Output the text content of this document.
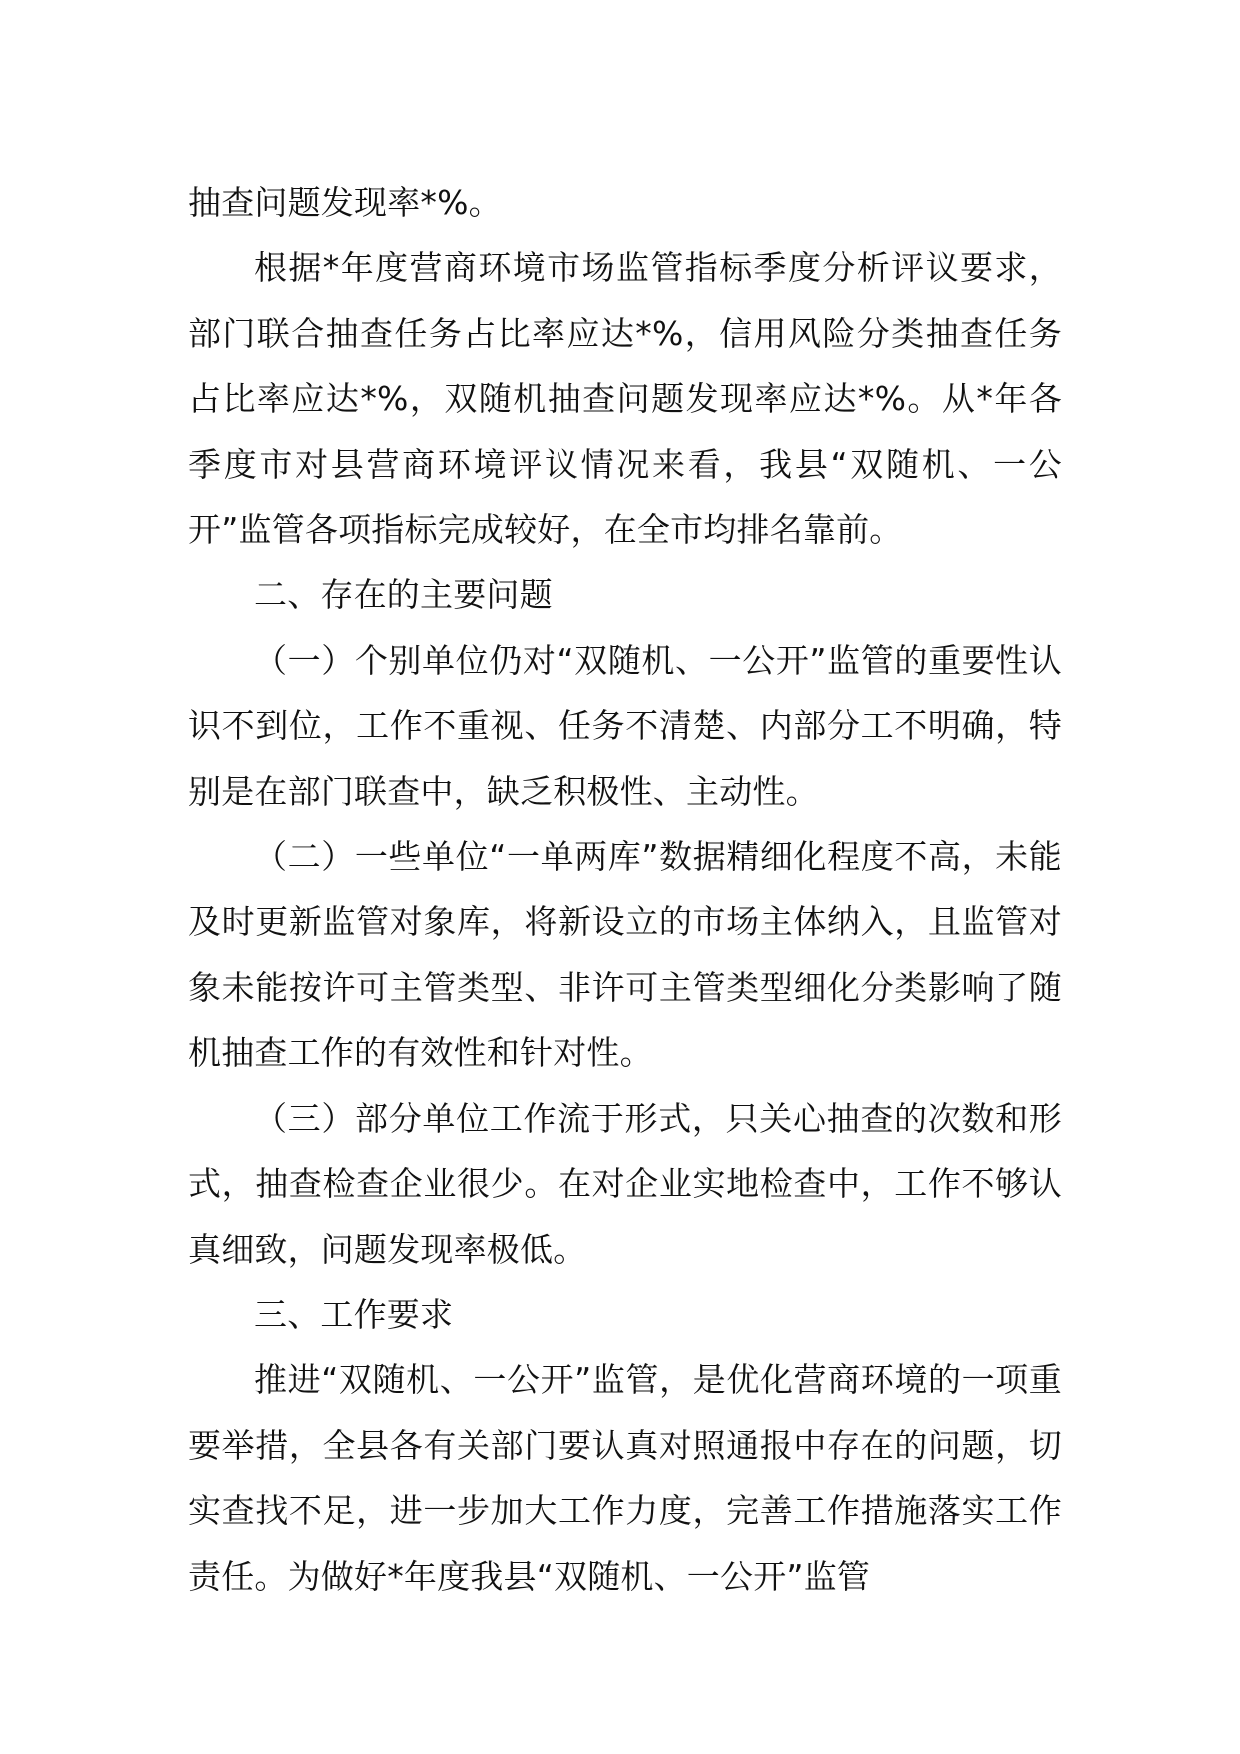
抽查问题发现率*%。

根据*年度营商环境市场监管指标季度分析评议要求，部门联合抽查任务占比率应达*%，信用风险分类抽查任务占比率应达*%，双随机抽查问题发现率应达*%。从*年各季度市对县营商环境评议情况来看，我县“双随机、一公开”监管各项指标完成较好，在全市均排名靠前。

二、存在的主要问题

（一）个别单位仍对“双随机、一公开”监管的重要性认识不到位，工作不重视、任务不清楚、内部分工不明确，特别是在部门联查中，缺乏积极性、主动性。

（二）一些单位“一单两库”数据精细化程度不高，未能及时更新监管对象库，将新设立的市场主体纳入，且监管对象未能按许可主管类型、非许可主管类型细化分类影响了随机抽查工作的有效性和针对性。

（三）部分单位工作流于形式，只关心抽查的次数和形式，抽查检查企业很少。在对企业实地检查中，工作不够认真细致，问题发现率极低。

三、工作要求

推进“双随机、一公开”监管，是优化营商环境的一项重要举措，全县各有关部门要认真对照通报中存在的问题，切实查找不足，进一步加大工作力度，完善工作措施落实工作责任。为做好*年度我县“双随机、一公开”监管
